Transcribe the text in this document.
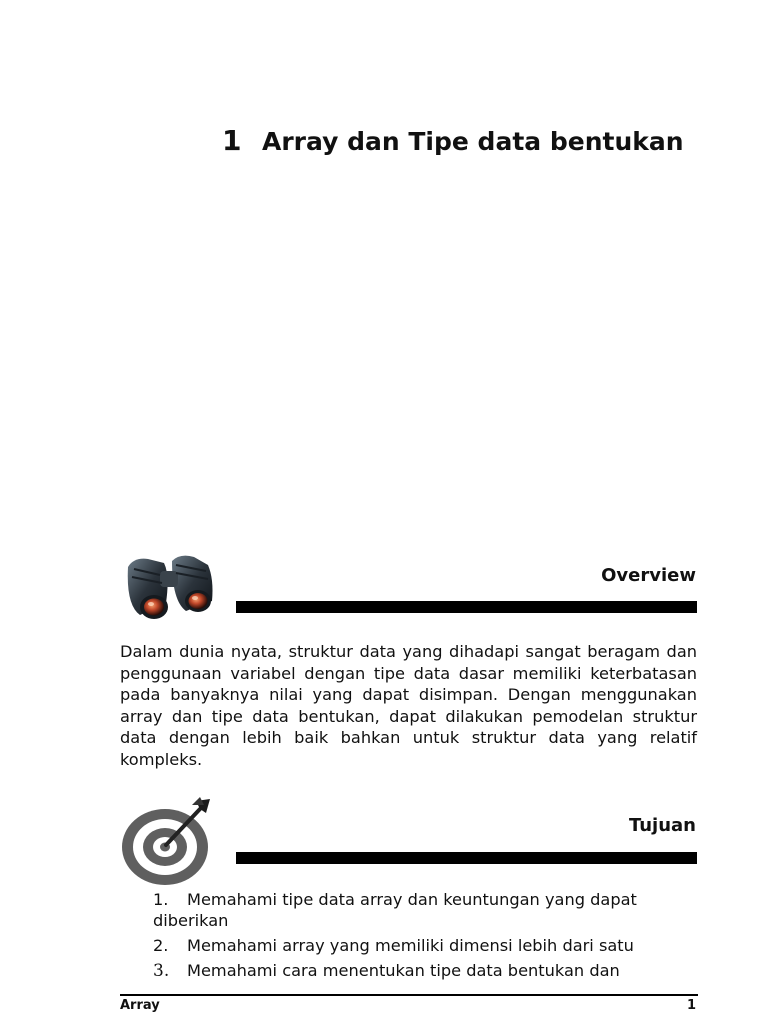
1 Array dan Tipe data bentukan
Overview

Dalam dunia nyata, struktur data yang dihadapi sangat beragam dan penggunaan variabel dengan tipe data dasar memiliki keterbatasan pada banyaknya nilai yang dapat disimpan. Dengan menggunakan array dan tipe data bentukan, dapat dilakukan pemodelan struktur data dengan lebih baik bahkan untuk struktur data yang relatif kompleks.

Tujuan
1. Memahami tipe data array dan keuntungan yang dapat diberikan
2. Memahami array yang memiliki dimensi lebih dari satu
3. Memahami cara menentukan tipe data bentukan dan
Array	1
